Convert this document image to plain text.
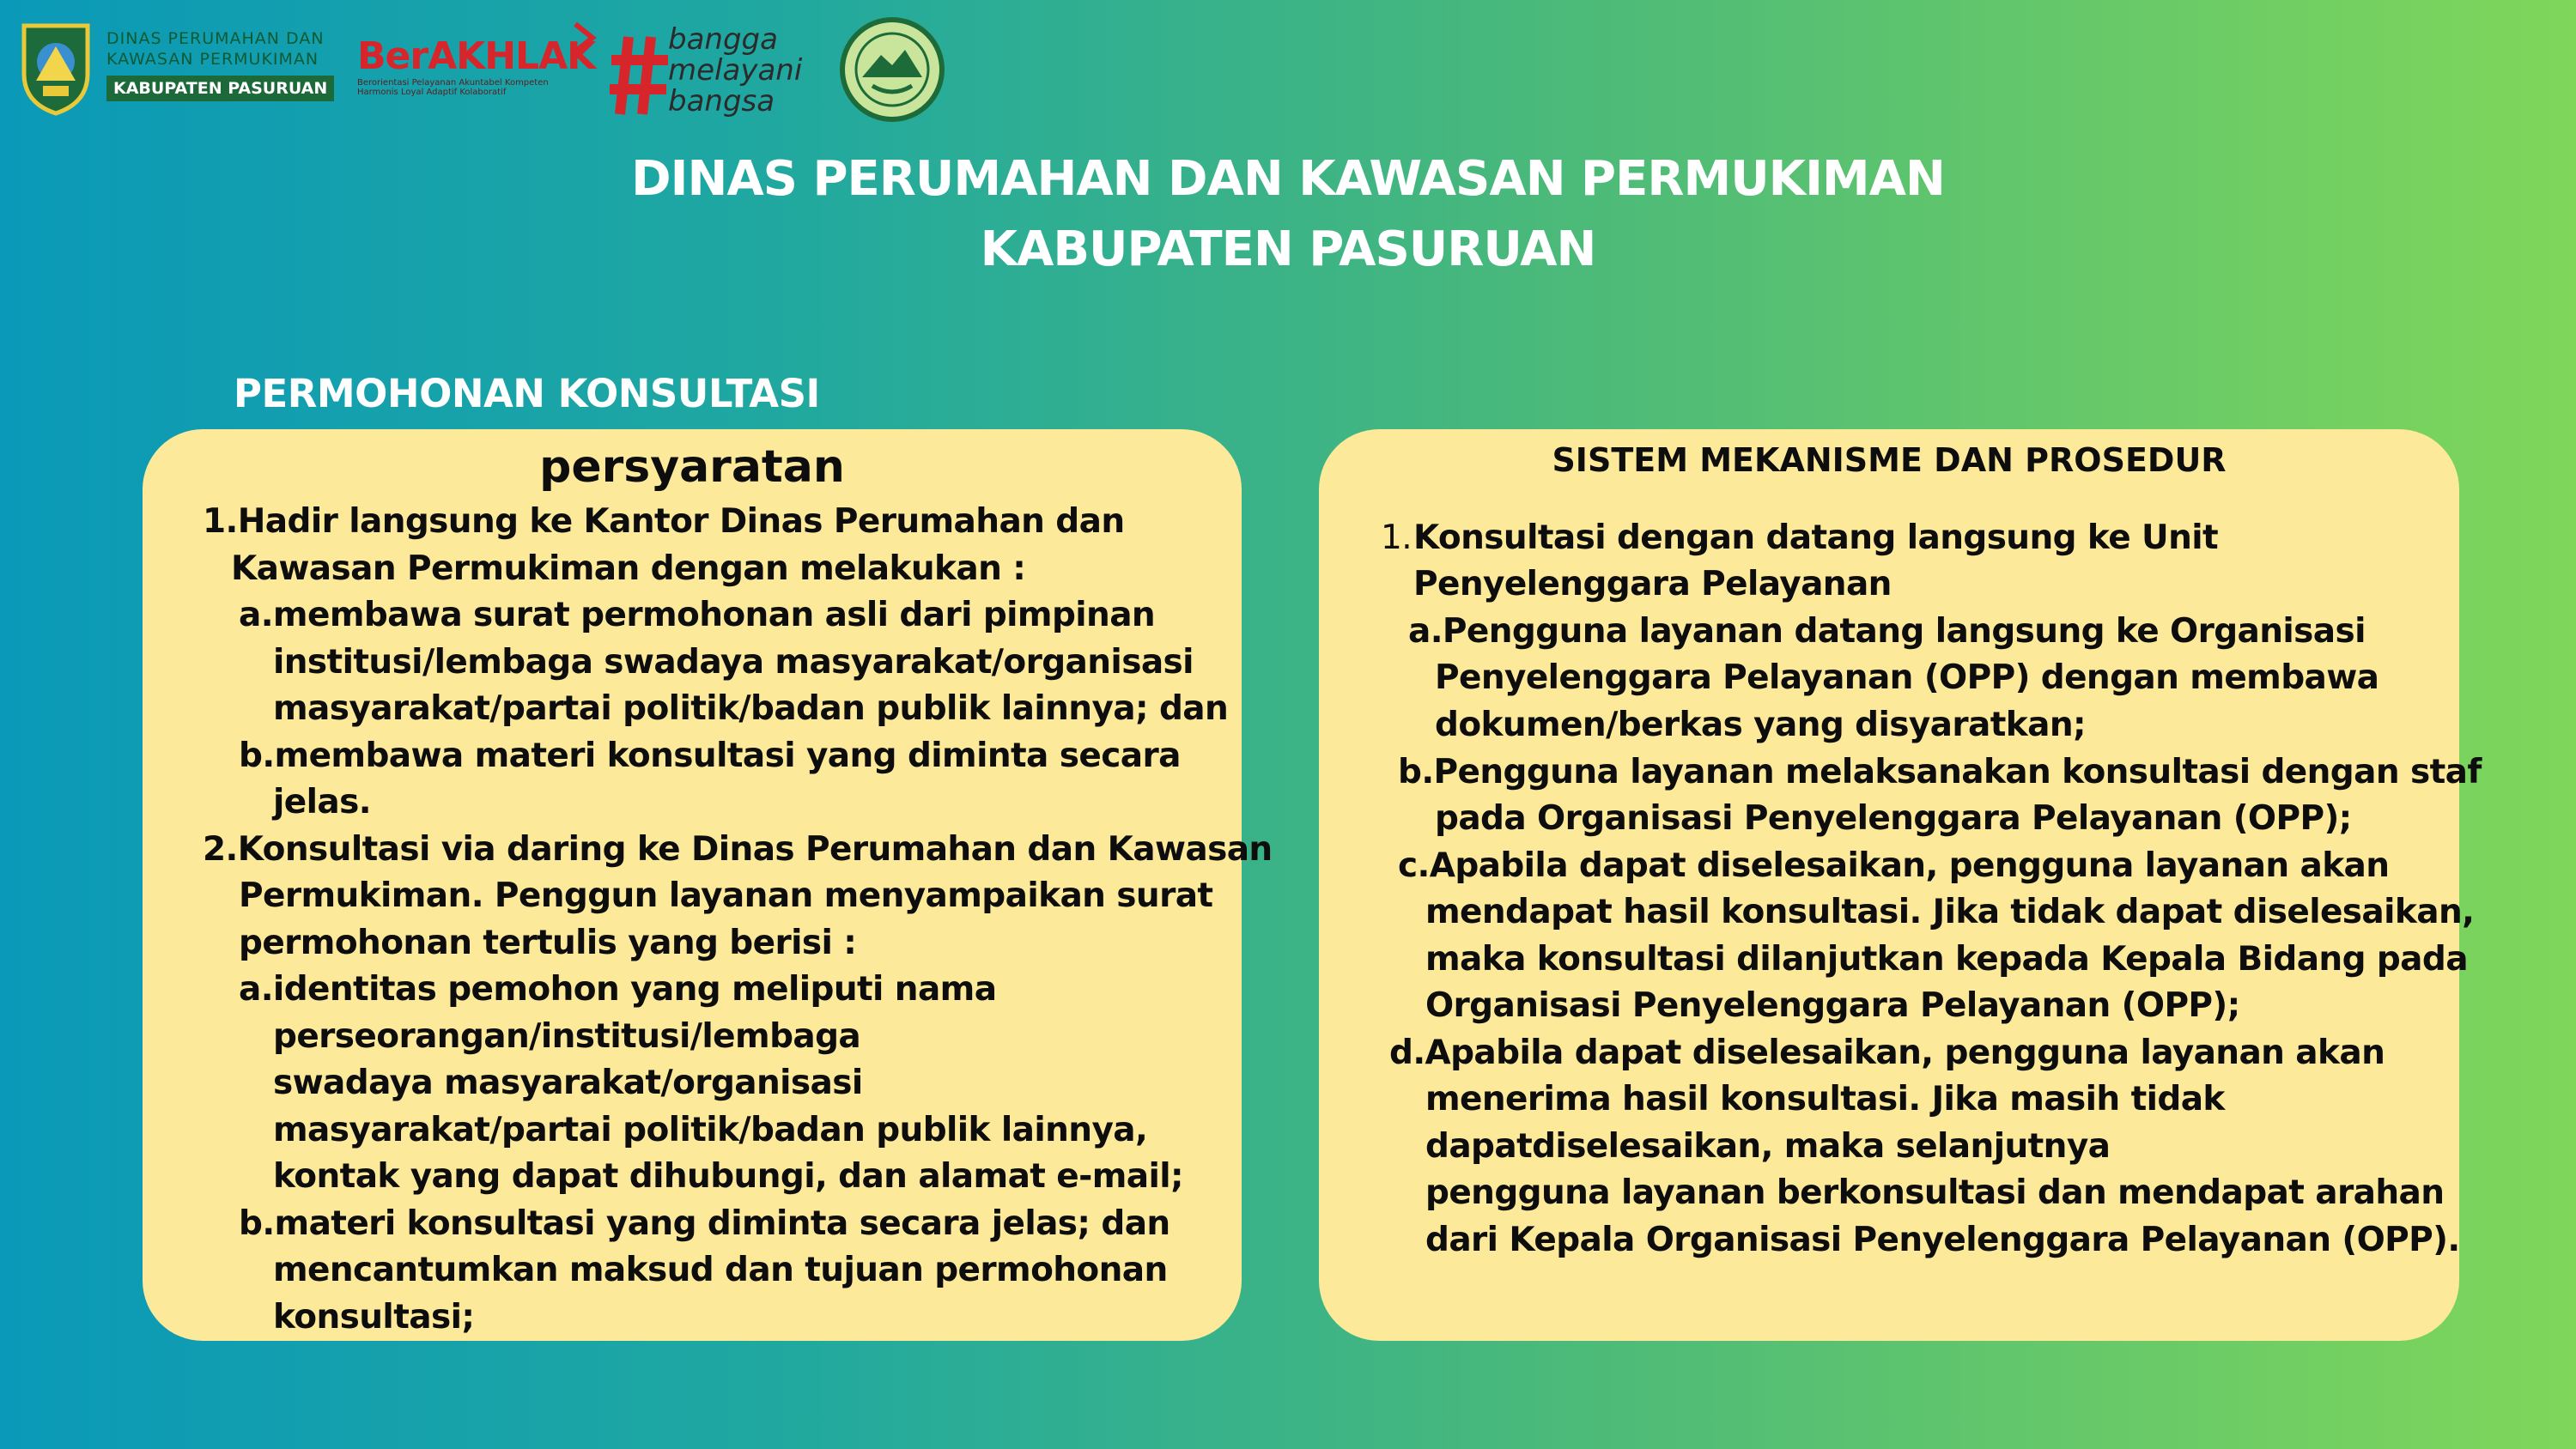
DINAS PERUMAHAN DAN
KAWASAN PERMUKIMAN
KABUPATEN PASURUAN
BerAKHLAK
Berorientasi Pelayanan Akuntabel Kompeten
Harmonis Loyal Adaptif Kolaboratif
bangga
melayani
bangsa
DINAS PERUMAHAN DAN KAWASAN PERMUKIMAN
KABUPATEN PASURUAN
PERMOHONAN KONSULTASI
persyaratan
1.Hadir langsung ke Kantor Dinas Perumahan dan
Kawasan Permukiman dengan melakukan :
a.membawa surat permohonan asli dari pimpinan
institusi/lembaga swadaya masyarakat/organisasi
masyarakat/partai politik/badan publik lainnya; dan
b.membawa materi konsultasi yang diminta secara
jelas.
2.Konsultasi via daring ke Dinas Perumahan dan Kawasan
Permukiman. Penggun layanan menyampaikan surat
permohonan tertulis yang berisi :
a.identitas pemohon yang meliputi nama
perseorangan/institusi/lembaga
swadaya masyarakat/organisasi
masyarakat/partai politik/badan publik lainnya,
kontak yang dapat dihubungi, dan alamat e-mail;
b.materi konsultasi yang diminta secara jelas; dan
mencantumkan maksud dan tujuan permohonan
konsultasi;
SISTEM MEKANISME DAN PROSEDUR
1. Konsultasi dengan datang langsung ke Unit
Penyelenggara Pelayanan
a.Pengguna layanan datang langsung ke Organisasi
Penyelenggara Pelayanan (OPP) dengan membawa
dokumen/berkas yang disyaratkan;
b.Pengguna layanan melaksanakan konsultasi dengan staf
pada Organisasi Penyelenggara Pelayanan (OPP);
c.Apabila dapat diselesaikan, pengguna layanan akan
mendapat hasil konsultasi. Jika tidak dapat diselesaikan,
maka konsultasi dilanjutkan kepada Kepala Bidang pada
Organisasi Penyelenggara Pelayanan (OPP);
d.Apabila dapat diselesaikan, pengguna layanan akan
menerima hasil konsultasi. Jika masih tidak
dapatdiselesaikan, maka selanjutnya
pengguna layanan berkonsultasi dan mendapat arahan
dari Kepala Organisasi Penyelenggara Pelayanan (OPP).
